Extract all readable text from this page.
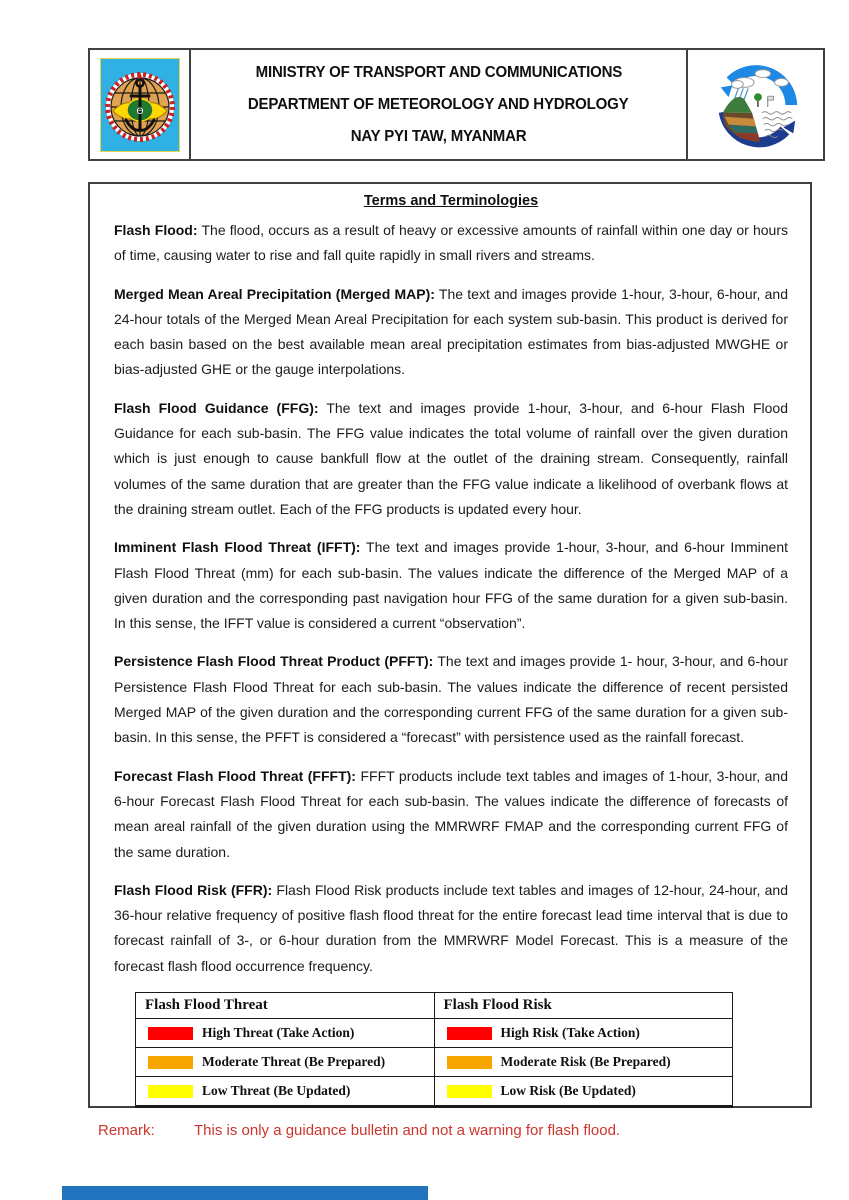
Θ
MINISTRY OF TRANSPORT AND COMMUNICATIONS
DEPARTMENT OF METEOROLOGY AND HYDROLOGY
NAY PYI TAW, MYANMAR
Terms and Terminologies

Flash Flood: The flood, occurs as a result of heavy or excessive amounts of rainfall within one day or hours of time, causing water to rise and fall quite rapidly in small rivers and streams.

Merged Mean Areal Precipitation (Merged MAP): The text and images provide 1-hour, 3-hour, 6-hour, and 24-hour totals of the Merged Mean Areal Precipitation for each system sub-basin. This product is derived for each basin based on the best available mean areal precipitation estimates from bias-adjusted MWGHE or bias-adjusted GHE or the gauge interpolations.

Flash Flood Guidance (FFG): The text and images provide 1-hour, 3-hour, and 6-hour Flash Flood Guidance for each sub-basin. The FFG value indicates the total volume of rainfall over the given duration which is just enough to cause bankfull flow at the outlet of the draining stream. Consequently, rainfall volumes of the same duration that are greater than the FFG value indicate a likelihood of overbank flows at the draining stream outlet. Each of the FFG products is updated every hour.

Imminent Flash Flood Threat (IFFT): The text and images provide 1-hour, 3-hour, and 6-hour Imminent Flash Flood Threat (mm) for each sub-basin. The values indicate the difference of the Merged MAP of a given duration and the corresponding past navigation hour FFG of the same duration for a given sub-basin. In this sense, the IFFT value is considered a current “observation”.

Persistence Flash Flood Threat Product (PFFT): The text and images provide 1- hour, 3-hour, and 6-hour Persistence Flash Flood Threat for each sub-basin. The values indicate the difference of recent persisted Merged MAP of the given duration and the corresponding current FFG of the same duration for a given sub-basin. In this sense, the PFFT is considered a “forecast” with persistence used as the rainfall forecast.

Forecast Flash Flood Threat (FFFT): FFFT products include text tables and images of 1-hour, 3-hour, and 6-hour Forecast Flash Flood Threat for each sub-basin. The values indicate the difference of forecasts of mean areal rainfall of the given duration using the MMRWRF FMAP and the corresponding current FFG of the same duration.

Flash Flood Risk (FFR): Flash Flood Risk products include text tables and images of 12-hour, 24-hour, and 36-hour relative frequency of positive flash flood threat for the entire forecast lead time interval that is due to forecast rainfall of 3-, or 6-hour duration from the MMRWRF Model Forecast. This is a measure of the forecast flash flood occurrence frequency.

Flash Flood Threat	Flash Flood Risk

High Threat (Take Action)	High Risk (Take Action)

Moderate Threat (Be Prepared)	Moderate Risk (Be Prepared)

Low Threat (Be Updated)	Low Risk (Be Updated)
Remark:	This is only a guidance bulletin and not a warning for flash flood.
